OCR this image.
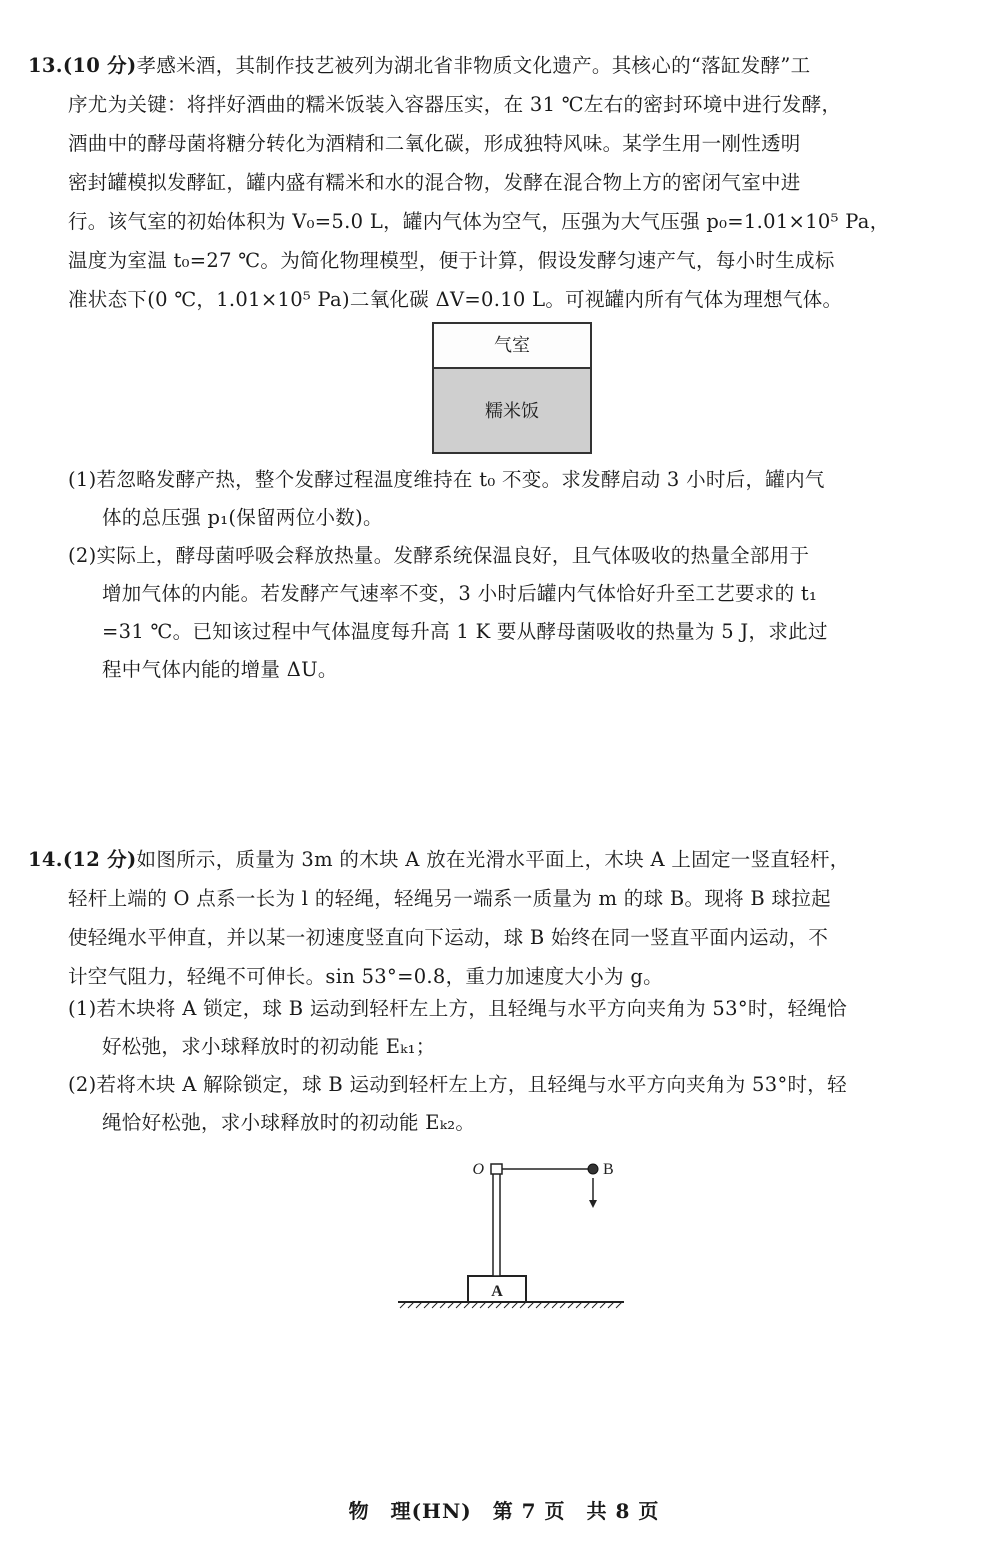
13.(10 分)孝感米酒，其制作技艺被列为湖北省非物质文化遗产。其核心的“落缸发酵”工

序尤为关键：将拌好酒曲的糯米饭装入容器压实，在 31 ℃左右的密封环境中进行发酵，

酒曲中的酵母菌将糖分转化为酒精和二氧化碳，形成独特风味。某学生用一刚性透明

密封罐模拟发酵缸，罐内盛有糯米和水的混合物，发酵在混合物上方的密闭气室中进

行。该气室的初始体积为 V₀=5.0 L，罐内气体为空气，压强为大气压强 p₀=1.01×10⁵ Pa，

温度为室温 t₀=27 ℃。为简化物理模型，便于计算，假设发酵匀速产气，每小时生成标

准状态下(0 ℃，1.01×10⁵ Pa)二氧化碳 ΔV=0.10 L。可视罐内所有气体为理想气体。

气室
糯米饭

(1)若忽略发酵产热，整个发酵过程温度维持在 t₀ 不变。求发酵启动 3 小时后，罐内气

体的总压强 p₁(保留两位小数)。

(2)实际上，酵母菌呼吸会释放热量。发酵系统保温良好，且气体吸收的热量全部用于

增加气体的内能。若发酵产气速率不变，3 小时后罐内气体恰好升至工艺要求的 t₁

=31 ℃。已知该过程中气体温度每升高 1 K 要从酵母菌吸收的热量为 5 J，求此过

程中气体内能的增量 ΔU。

14.(12 分)如图所示，质量为 3m 的木块 A 放在光滑水平面上，木块 A 上固定一竖直轻杆，

轻杆上端的 O 点系一长为 l 的轻绳，轻绳另一端系一质量为 m 的球 B。现将 B 球拉起

使轻绳水平伸直，并以某一初速度竖直向下运动，球 B 始终在同一竖直平面内运动，不

计空气阻力，轻绳不可伸长。sin 53°=0.8，重力加速度大小为 g。

(1)若木块将 A 锁定，球 B 运动到轻杆左上方，且轻绳与水平方向夹角为 53°时，轻绳恰

好松弛，求小球释放时的初动能 Eₖ₁；

(2)若将木块 A 解除锁定，球 B 运动到轻杆左上方，且轻绳与水平方向夹角为 53°时，轻

绳恰好松弛，求小球释放时的初动能 Eₖ₂。

A
O	B
物　理(HN)　第 7 页　共 8 页
